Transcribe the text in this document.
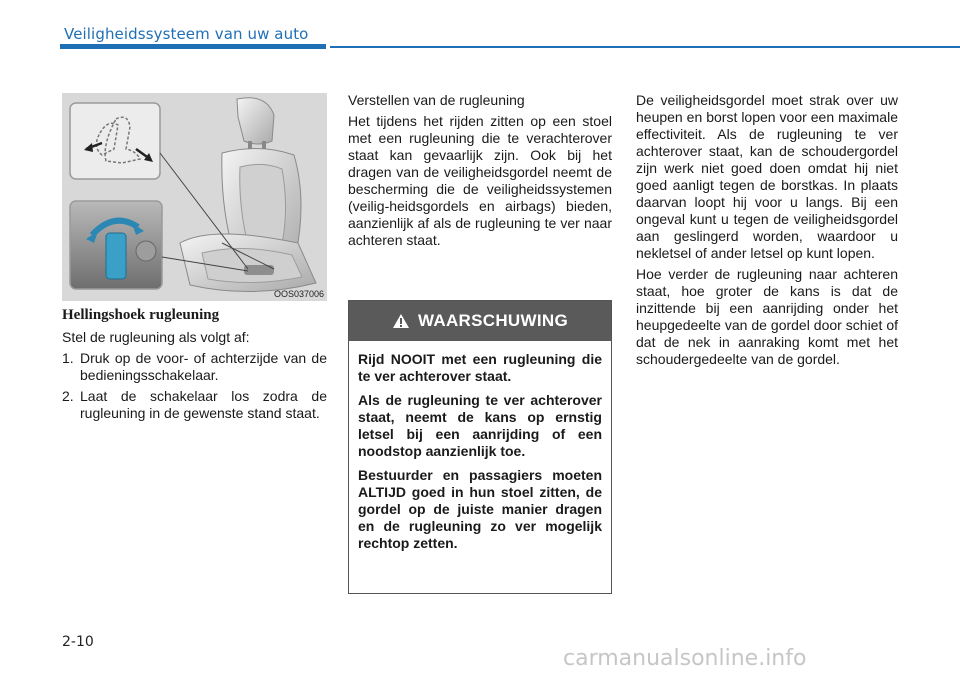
Veiligheidssysteem van uw auto
OOS037006
Hellingshoek rugleuning
Stel de rugleuning als volgt af:
1. Druk op de voor- of achterzijde van de bedieningsschakelaar.
2. Laat de schakelaar los zodra de rugleuning in de gewenste stand staat.
Verstellen van de rugleuning
Het tijdens het rijden zitten op een stoel met een rugleuning die te verachterover staat kan gevaarlijk zijn. Ook bij het dragen van de veiligheidsgordel neemt de bescherming die de veiligheidssystemen (veilig-heidsgordels en airbags) bieden, aanzienlijk af als de rugleuning te ver naar achteren staat.
WAARSCHUWING
Rijd NOOIT met een rugleuning die te ver achterover staat.
Als de rugleuning te ver achterover staat, neemt de kans op ernstig letsel bij een aanrijding of een noodstop aanzienlijk toe.
Bestuurder en passagiers moeten ALTIJD goed in hun stoel zitten, de gordel op de juiste manier dragen en de rugleuning zo ver mogelijk rechtop zetten.
De veiligheidsgordel moet strak over uw heupen en borst lopen voor een maximale effectiviteit. Als de rugleuning te ver achterover staat, kan de schoudergordel zijn werk niet goed doen omdat hij niet goed aanligt tegen de borstkas. In plaats daarvan loopt hij voor u langs. Bij een ongeval kunt u tegen de veiligheidsgordel aan geslingerd worden, waardoor u nekletsel of ander letsel op kunt lopen.
Hoe verder de rugleuning naar achteren staat, hoe groter de kans is dat de inzittende bij een aanrijding onder het heupgedeelte van de gordel door schiet of dat de nek in aanraking komt met het schoudergedeelte van de gordel.
2-10
carmanualsonline.info
